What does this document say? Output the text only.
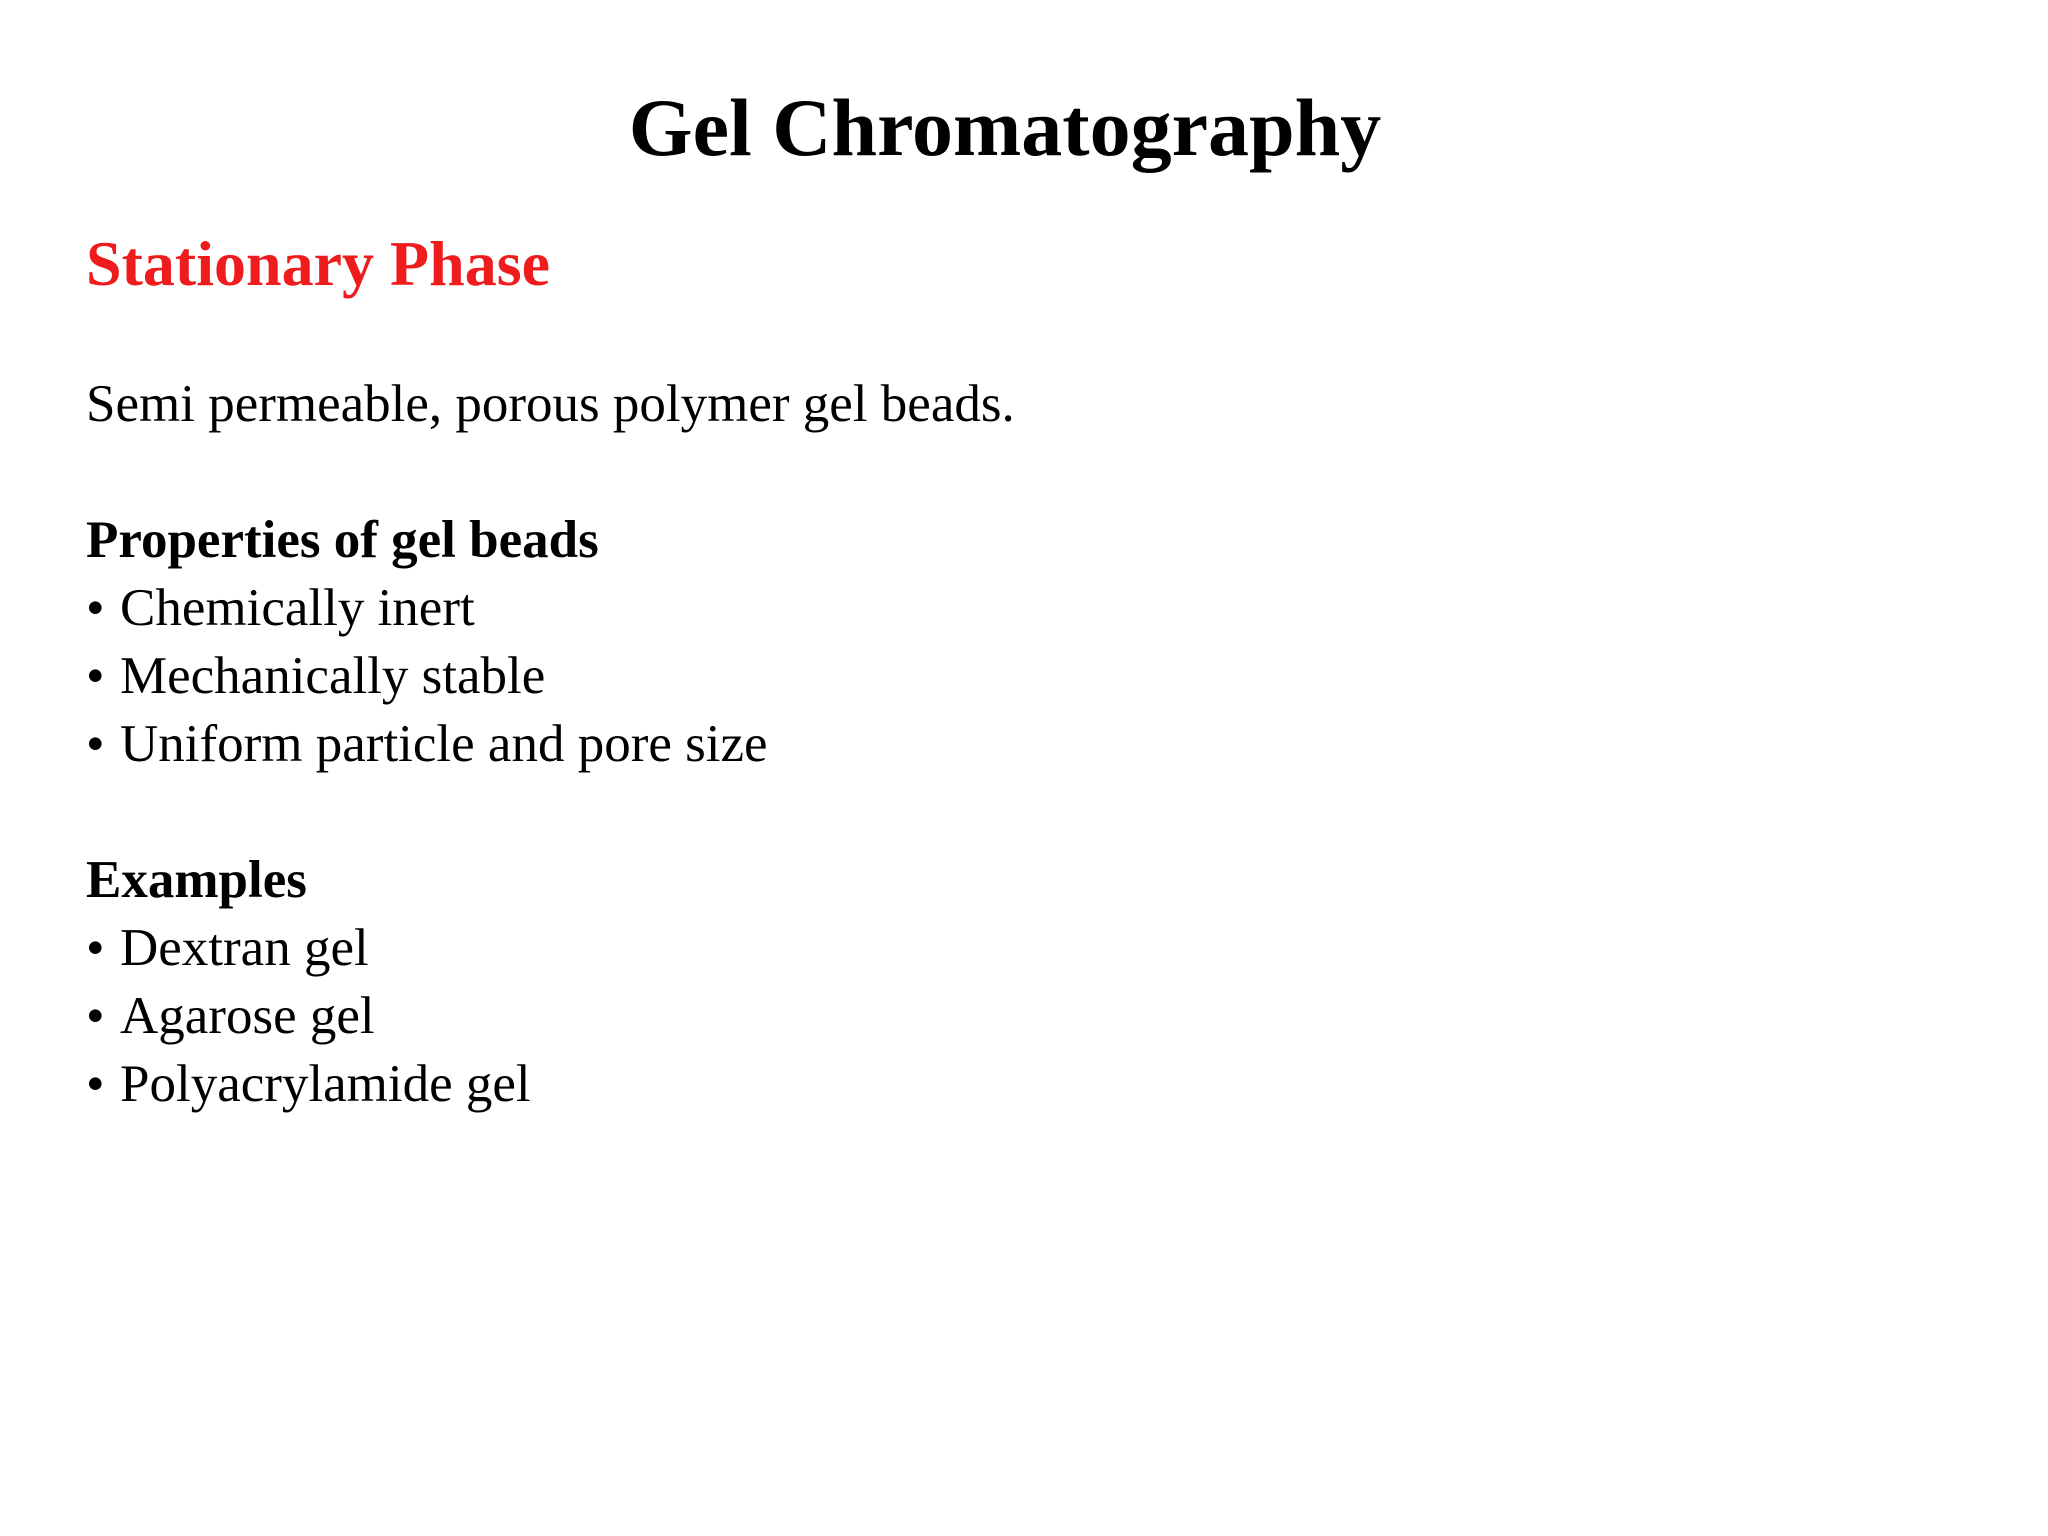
Gel Chromatography
Stationary Phase

Semi permeable, porous polymer gel beads.

Properties of gel beads

• Chemically inert
• Mechanically stable
• Uniform particle and pore size

Examples

• Dextran gel
• Agarose gel
• Polyacrylamide gel
